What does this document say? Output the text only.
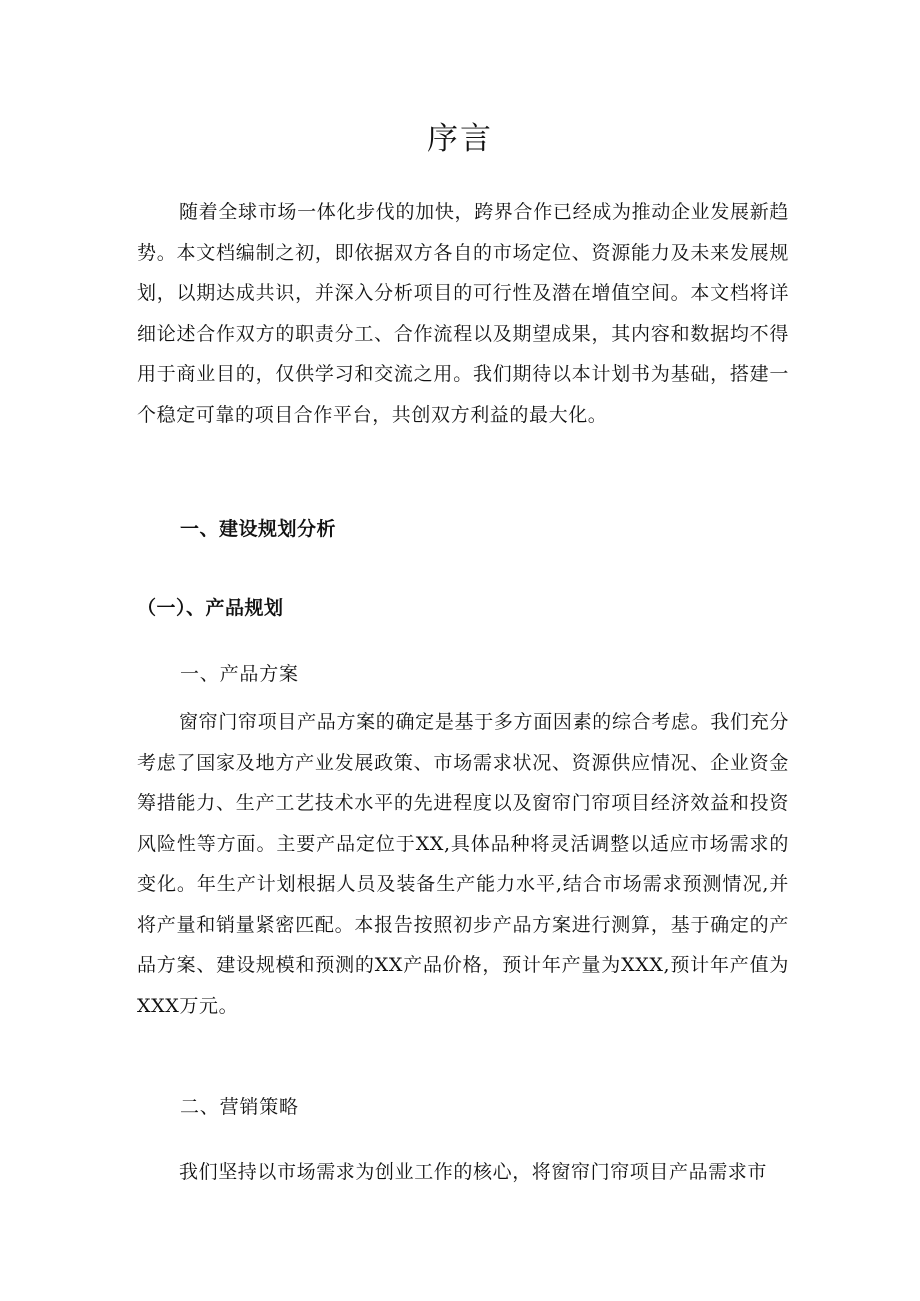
序言
随着全球市场一体化步伐的加快，跨界合作已经成为推动企业发展新趋势。本文档编制之初，即依据双方各自的市场定位、资源能力及未来发展规划，以期达成共识，并深入分析项目的可行性及潜在增值空间。本文档将详细论述合作双方的职责分工、合作流程以及期望成果，其内容和数据均不得用于商业目的，仅供学习和交流之用。我们期待以本计划书为基础，搭建一个稳定可靠的项目合作平台，共创双方利益的最大化。
一、建设规划分析
（一）、产品规划
一、产品方案
窗帘门帘项目产品方案的确定是基于多方面因素的综合考虑。我们充分考虑了国家及地方产业发展政策、市场需求状况、资源供应情况、企业资金筹措能力、生产工艺技术水平的先进程度以及窗帘门帘项目经济效益和投资风险性等方面。主要产品定位于XX,具体品种将灵活调整以适应市场需求的变化。年生产计划根据人员及装备生产能力水平,结合市场需求预测情况,并将产量和销量紧密匹配。本报告按照初步产品方案进行测算，基于确定的产品方案、建设规模和预测的XX产品价格，预计年产量为XXX,预计年产值为XXX万元。
二、营销策略
我们坚持以市场需求为创业工作的核心，将窗帘门帘项目产品需求市
